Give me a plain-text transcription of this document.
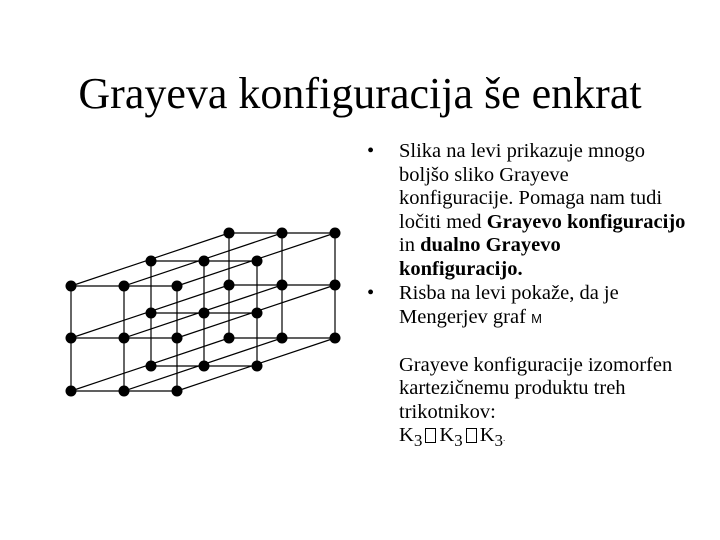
Grayeva konfiguracija še enkrat
• Slika na levi prikazuje mnogo boljšo sliko Grayeve konfiguracije. Pomaga nam tudi ločiti med Grayevo konfiguracijo in dualno Grayevo konfiguracijo.
• Risba na levi pokaže, da je Mengerjev graf M

Grayeve konfiguracije izomorfen kartezičnemu produktu treh trikotnikov:
$K_3$ $K_3$ $K_3$.
